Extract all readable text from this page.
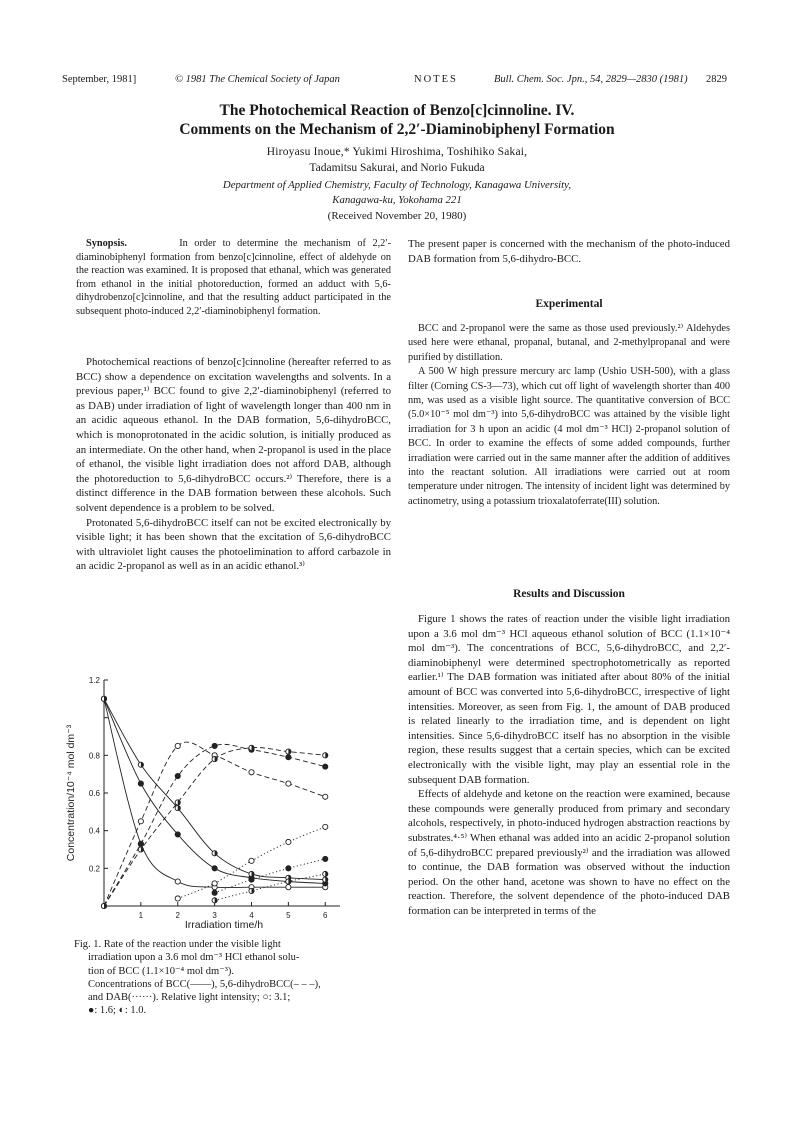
September, 1981]	© 1981 The Chemical Society of Japan	NOTES	Bull. Chem. Soc. Jpn., 54, 2829—2830 (1981) 2829
The Photochemical Reaction of Benzo[c]cinnoline. IV.
Comments on the Mechanism of 2,2′-Diaminobiphenyl Formation
Hiroyasu Inoue,* Yukimi Hiroshima, Toshihiko Sakai,
Tadamitsu Sakurai, and Norio Fukuda
Department of Applied Chemistry, Faculty of Technology, Kanagawa University,
Kanagawa-ku, Yokohama 221
(Received November 20, 1980)

Synopsis.	In order to determine the mechanism of 2,2′-diaminobiphenyl formation from benzo[c]cinnoline, effect of aldehyde on the reaction was examined. It is proposed that ethanal, which was generated from ethanol in the initial photoreduction, formed an adduct with 5,6-dihydrobenzo[c]cinnoline, and that the resulting adduct participated in the subsequent photo-induced 2,2′-diaminobiphenyl formation.

Photochemical reactions of benzo[c]cinnoline (hereafter referred to as BCC) show a dependence on excitation wavelengths and solvents. In a previous paper,¹⁾ BCC found to give 2,2′-diaminobiphenyl (referred to as DAB) under irradiation of light of wavelength longer than 400 nm in an acidic aqueous ethanol. In the DAB formation, 5,6-dihydroBCC, which is monoprotonated in the acidic solution, is initially produced as an intermediate. On the other hand, when 2-propanol is used in the place of ethanol, the visible light irradiation does not afford DAB, although the photoreduction to 5,6-dihydroBCC occurs.²⁾ Therefore, there is a distinct difference in the DAB formation between these alcohols. Such solvent dependence is a problem to be solved.

Protonated 5,6-dihydroBCC itself can not be excited electronically by visible light; it has been shown that the excitation of 5,6-dihydroBCC with ultraviolet light causes the photoelimination to afford carbazole in an acidic 2-propanol as well as in an acidic ethanol.³⁾

The present paper is concerned with the mechanism of the photo-induced DAB formation from 5,6-dihydro-BCC.

Experimental

BCC and 2-propanol were the same as those used previously.²⁾ Aldehydes used here were ethanal, propanal, butanal, and 2-methylpropanal and were purified by distillation.

A 500 W high pressure mercury arc lamp (Ushio USH-500), with a glass filter (Corning CS-3—73), which cut off light of wavelength shorter than 400 nm, was used as a visible light source. The quantitative conversion of BCC (5.0×10⁻⁵ mol dm⁻³) into 5,6-dihydroBCC was attained by the visible light irradiation for 3 h upon an acidic (4 mol dm⁻³ HCl) 2-propanol solution of BCC. In order to examine the effects of some added compounds, further irradiation were carried out in the same manner after the addition of additives into the reactant solution. All irradiations were carried out at room temperature under nitrogen. The intensity of incident light was determined by actinometry, using a potassium trioxalatoferrate(III) solution.

Results and Discussion

Figure 1 shows the rates of reaction under the visible light irradiation upon a 3.6 mol dm⁻³ HCl aqueous ethanol solution of BCC (1.1×10⁻⁴ mol dm⁻³). The concentrations of BCC, 5,6-dihydroBCC, and 2,2′-diaminobiphenyl were determined spectrophotometrically as reported earlier.¹⁾ The DAB formation was initiated after about 80% of the initial amount of BCC was converted into 5,6-dihydroBCC, irrespective of light intensities. Moreover, as seen from Fig. 1, the amount of DAB produced is related linearly to the irradiation time, and is dependent on light intensities. Since 5,6-dihydroBCC itself has no absorption in the visible region, these results suggest that a certain species, which can be excited electronically with the visible light, may play an essential role in the subsequent DAB formation.

Effects of aldehyde and ketone on the reaction were examined, because these compounds were generally produced from primary and secondary alcohols, respectively, in photo-induced hydrogen abstraction reactions by substrates.⁴·⁵⁾ When ethanal was added into an acidic 2-propanol solution of 5,6-dihydroBCC prepared previously²⁾ and the irradiation was allowed to continue, the DAB formation was observed without the induction period. On the other hand, acetone was shown to have no effect on the reaction. Therefore, the solvent dependence of the photo-induced DAB formation can be interpreted in terms of the

0.2
0.4
0.6
0.8
1.2
1	2	3	4	5	6
Concentration/10⁻⁴ mol dm⁻³
Irradiation time/h
Fig. 1. Rate of the reaction under the visible light
irradiation upon a 3.6 mol dm⁻³ HCl ethanol solu-
tion of BCC (1.1×10⁻⁴ mol dm⁻³).
Concentrations of BCC(——), 5,6-dihydroBCC(– – –),
and DAB(······). Relative light intensity; ○: 3.1;
●: 1.6; ◐: 1.0.
